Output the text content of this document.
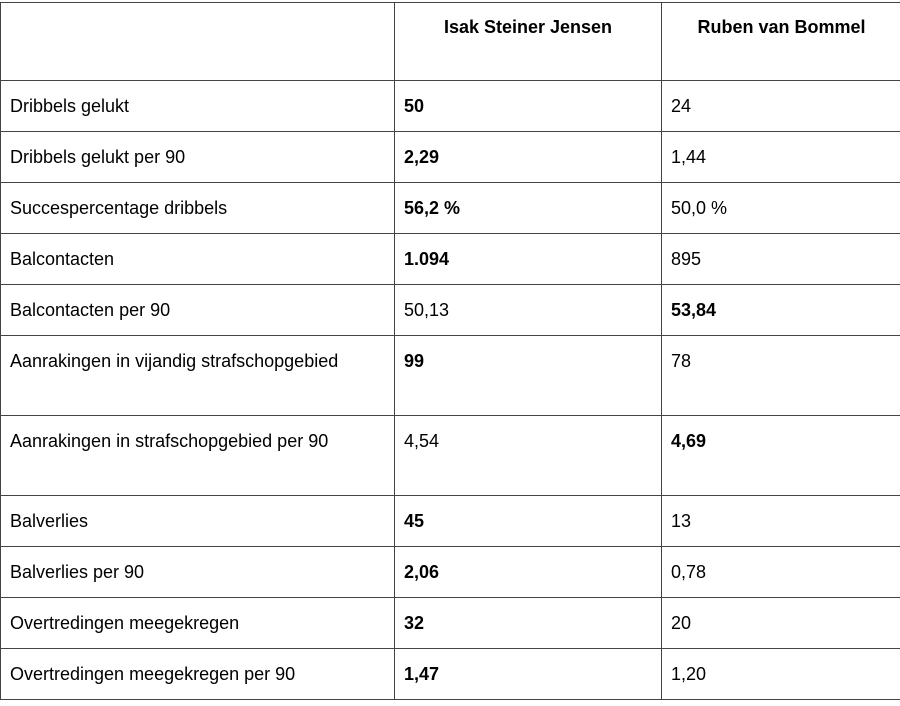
	Isak Steiner Jensen	Ruben van Bommel
Dribbels gelukt	50	24
Dribbels gelukt per 90	2,29	1,44
Succespercentage dribbels	56,2 %	50,0 %
Balcontacten	1.094	895
Balcontacten per 90	50,13	53,84
Aanrakingen in vijandig strafschopgebied	99	78
Aanrakingen in strafschopgebied per 90	4,54	4,69
Balverlies	45	13
Balverlies per 90	2,06	0,78
Overtredingen meegekregen	32	20
Overtredingen meegekregen per 90	1,47	1,20
